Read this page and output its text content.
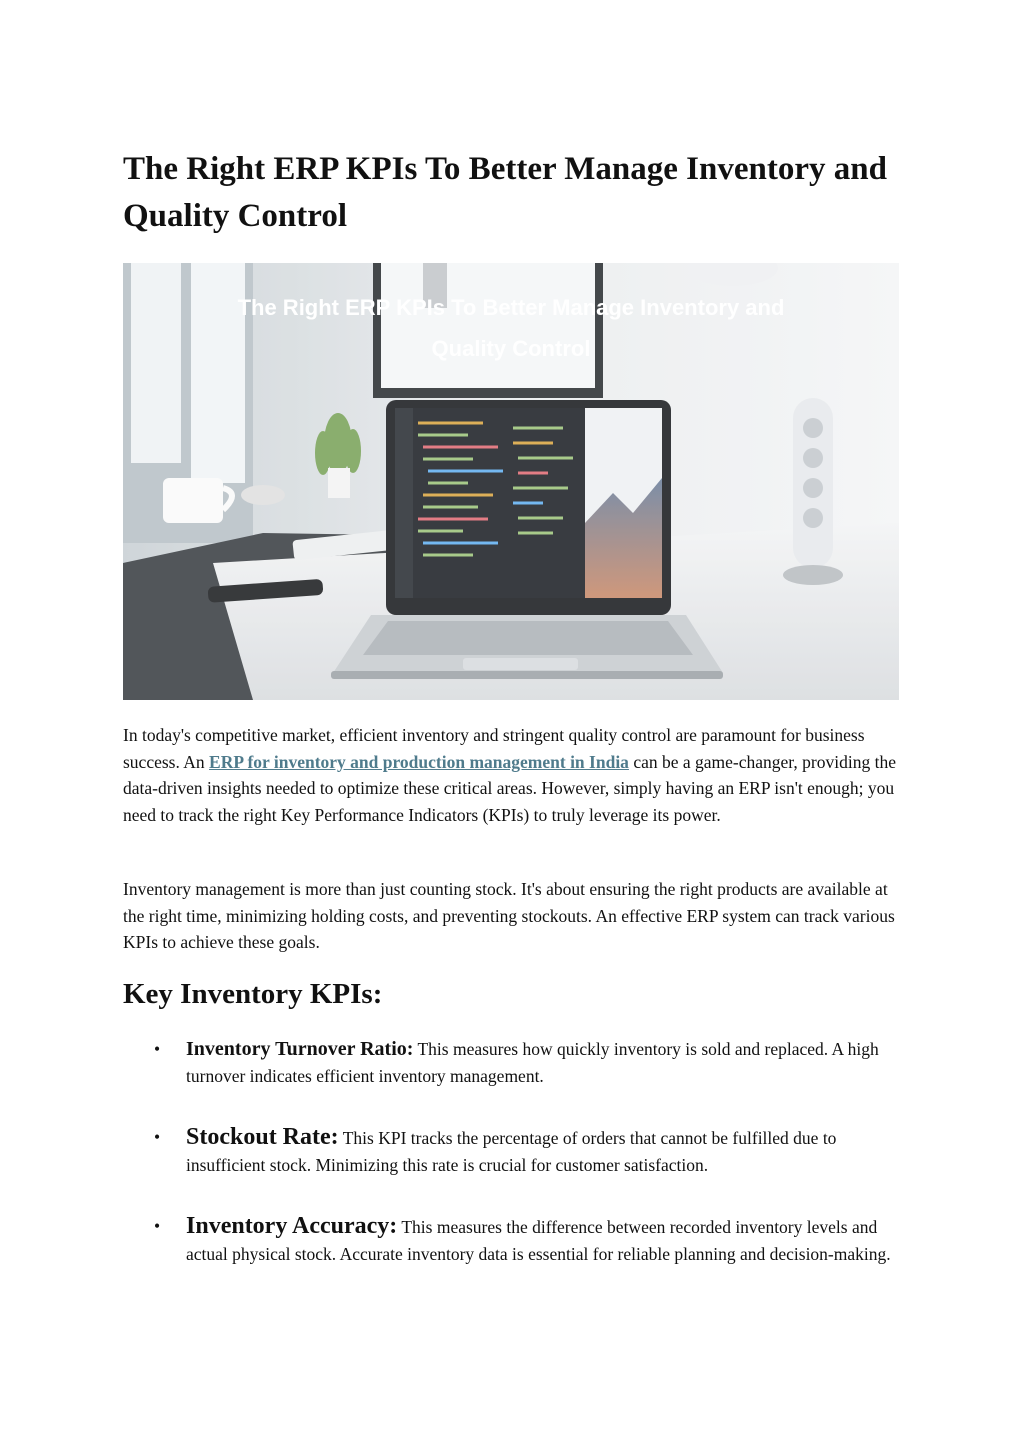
The Right ERP KPIs To Better Manage Inventory and Quality Control
The Right ERP KPIs To Better Manage Inventory and
Quality Control

In today's competitive market, efficient inventory and stringent quality control are paramount for business success. An ERP for inventory and production management in India can be a game-changer, providing the data-driven insights needed to optimize these critical areas. However, simply having an ERP isn't enough; you need to track the right Key Performance Indicators (KPIs) to truly leverage its power.

Inventory management is more than just counting stock. It's about ensuring the right products are available at the right time, minimizing holding costs, and preventing stockouts. An effective ERP system can track various KPIs to achieve these goals.

Key Inventory KPIs:
• Inventory Turnover Ratio: This measures how quickly inventory is sold and replaced. A high turnover indicates efficient inventory management.
• Stockout Rate: This KPI tracks the percentage of orders that cannot be fulfilled due to insufficient stock. Minimizing this rate is crucial for customer satisfaction.
• Inventory Accuracy: This measures the difference between recorded inventory levels and actual physical stock. Accurate inventory data is essential for reliable planning and decision-making.
